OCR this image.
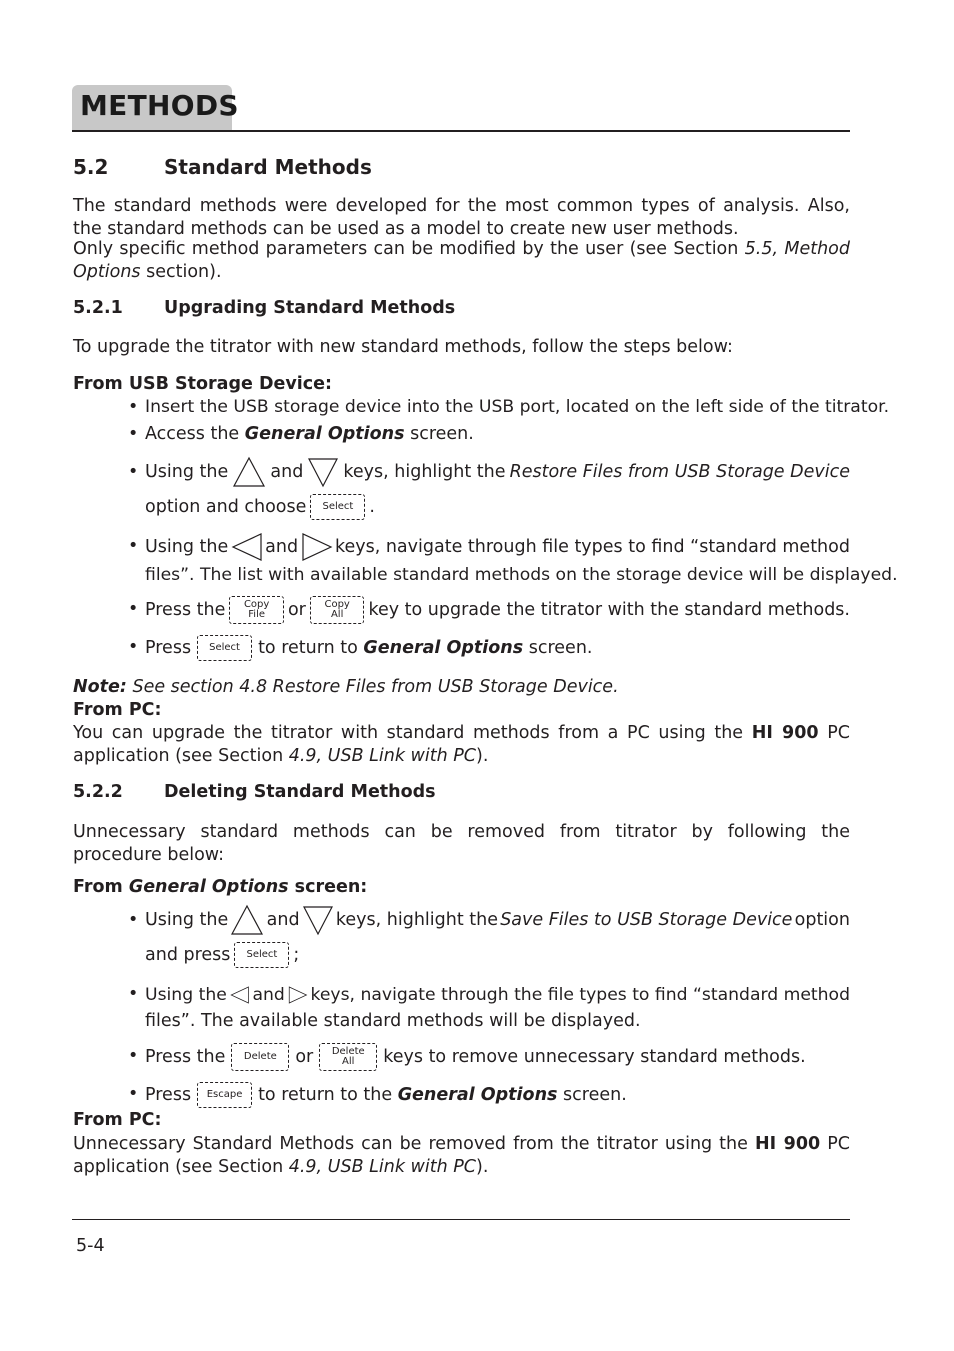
METHODS
5.2	Standard Methods
The standard methods were developed for the most common types of analysis. Also, the standard methods can be used as a model to create new user methods.
Only specific method parameters can be modified by the user (see Section 5.5, Method Options section).
5.2.1 Upgrading Standard Methods
To upgrade the titrator with new standard methods, follow the steps below:
From USB Storage Device:
• Insert the USB storage device into the USB port, located on the left side of the titrator.
• Access the General Options screen.
• Using the and keys, highlight the Restore Files from USB Storage Device
option and choose Select .
• Using the and keys, navigate through file types to find “standard method
files”. The list with available standard methods on the storage device will be displayed.
• Press the Copy
File or Copy
All key to upgrade the titrator with the standard methods.
• Press Select to return to General Options screen.
Note: See section 4.8 Restore Files from USB Storage Device.
From PC:
You can upgrade the titrator with standard methods from a PC using the HI 900 PC application (see Section 4.9, USB Link with PC).
5.2.2 Deleting Standard Methods
Unnecessary standard methods can be removed from titrator by following the procedure below:
From General Options screen:
• Using the and keys, highlight the Save Files to USB Storage Device option
and press Select ;
• Using the and keys, navigate through the file types to find “standard method
files”. The available standard methods will be displayed.
• Press the Delete or Delete
All keys to remove unnecessary standard methods.
• Press Escape to return to the General Options screen.
From PC:
Unnecessary Standard Methods can be removed from the titrator using the HI 900 PC application (see Section 4.9, USB Link with PC).
5-4
